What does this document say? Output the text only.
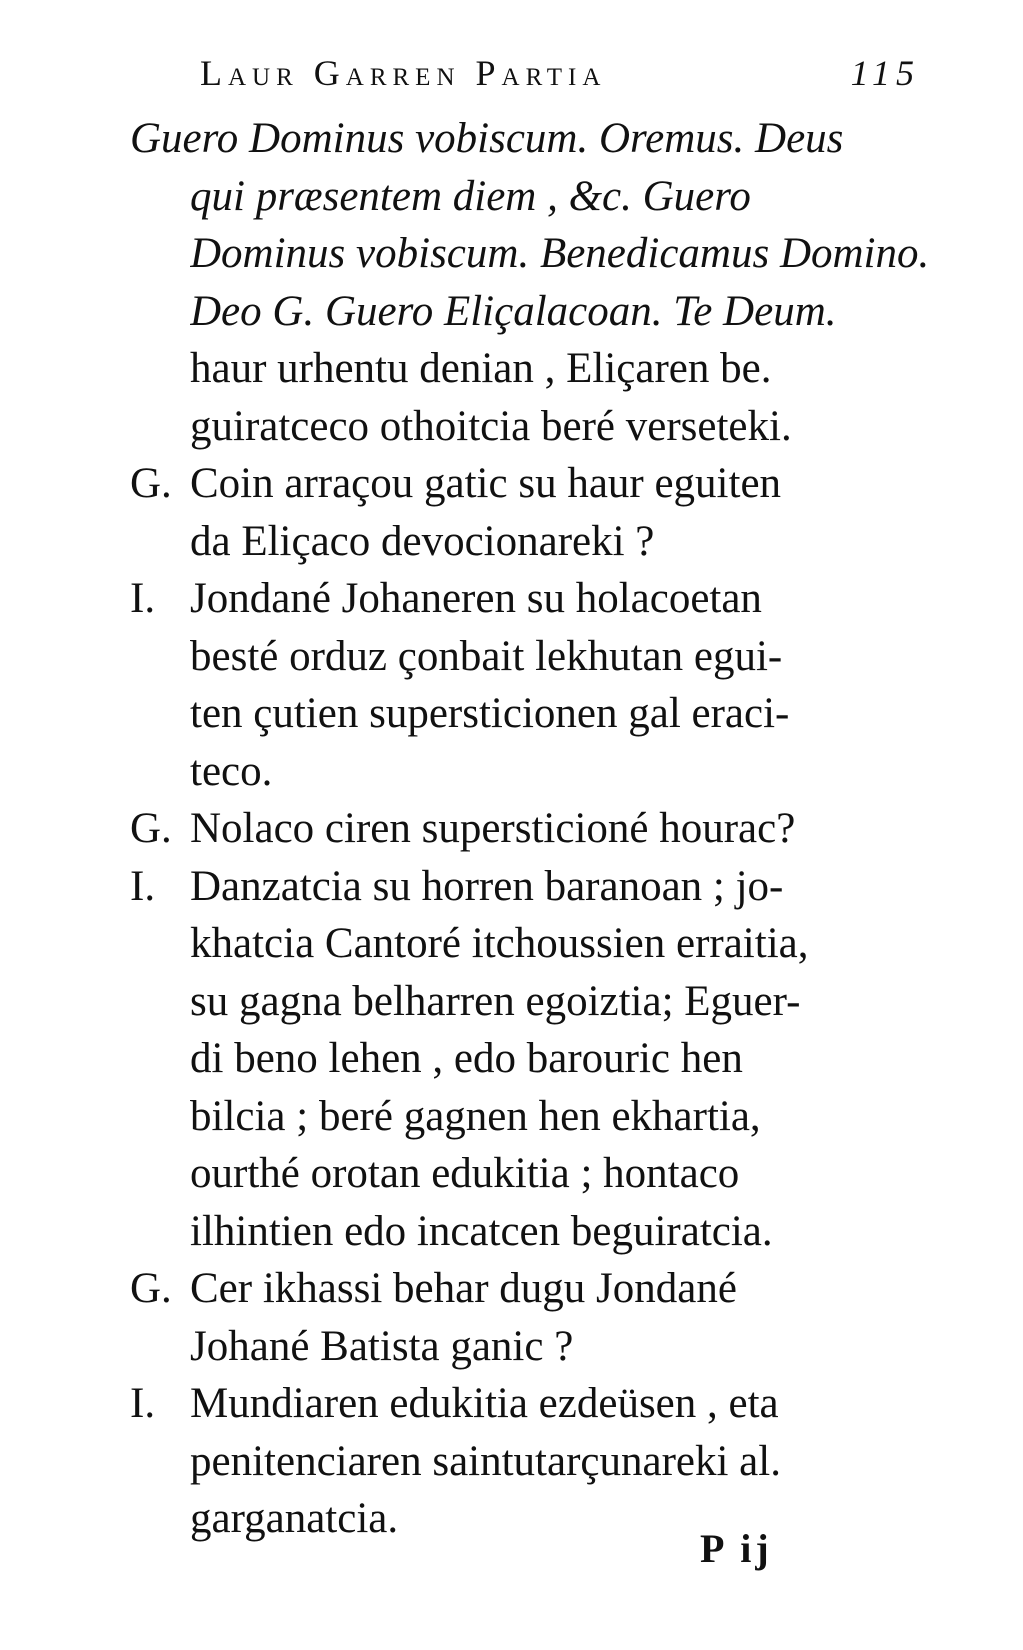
Laur Garren Partia	115
Guero Dominus vobiscum. Oremus. Deus
qui præsentem diem , &c. Guero
Dominus vobiscum. Benedicamus Domino.
Deo G. Guero Eliçalacoan. Te Deum.
haur urhentu denian , Eliçaren be.
guiratceco othoitcia beré verseteki.
G. Coin arraçou gatic su haur eguiten
da Eliçaco devocionareki ?
I. Jondané Johaneren su holacoetan
besté orduz çonbait lekhutan egui-
ten çutien supersticionen gal eraci-
teco.
G. Nolaco ciren supersticioné hourac?
I. Danzatcia su horren baranoan ; jo-
khatcia Cantoré itchoussien erraitia,
su gagna belharren egoiztia; Eguer-
di beno lehen , edo barouric hen
bilcia ; beré gagnen hen ekhartia,
ourthé orotan edukitia ; hontaco
ilhintien edo incatcen beguiratcia.
G. Cer ikhassi behar dugu Jondané
Johané Batista ganic ?
I. Mundiaren edukitia ezdeüsen , eta
penitenciaren saintutarçunareki al.
garganatcia.
P ij
